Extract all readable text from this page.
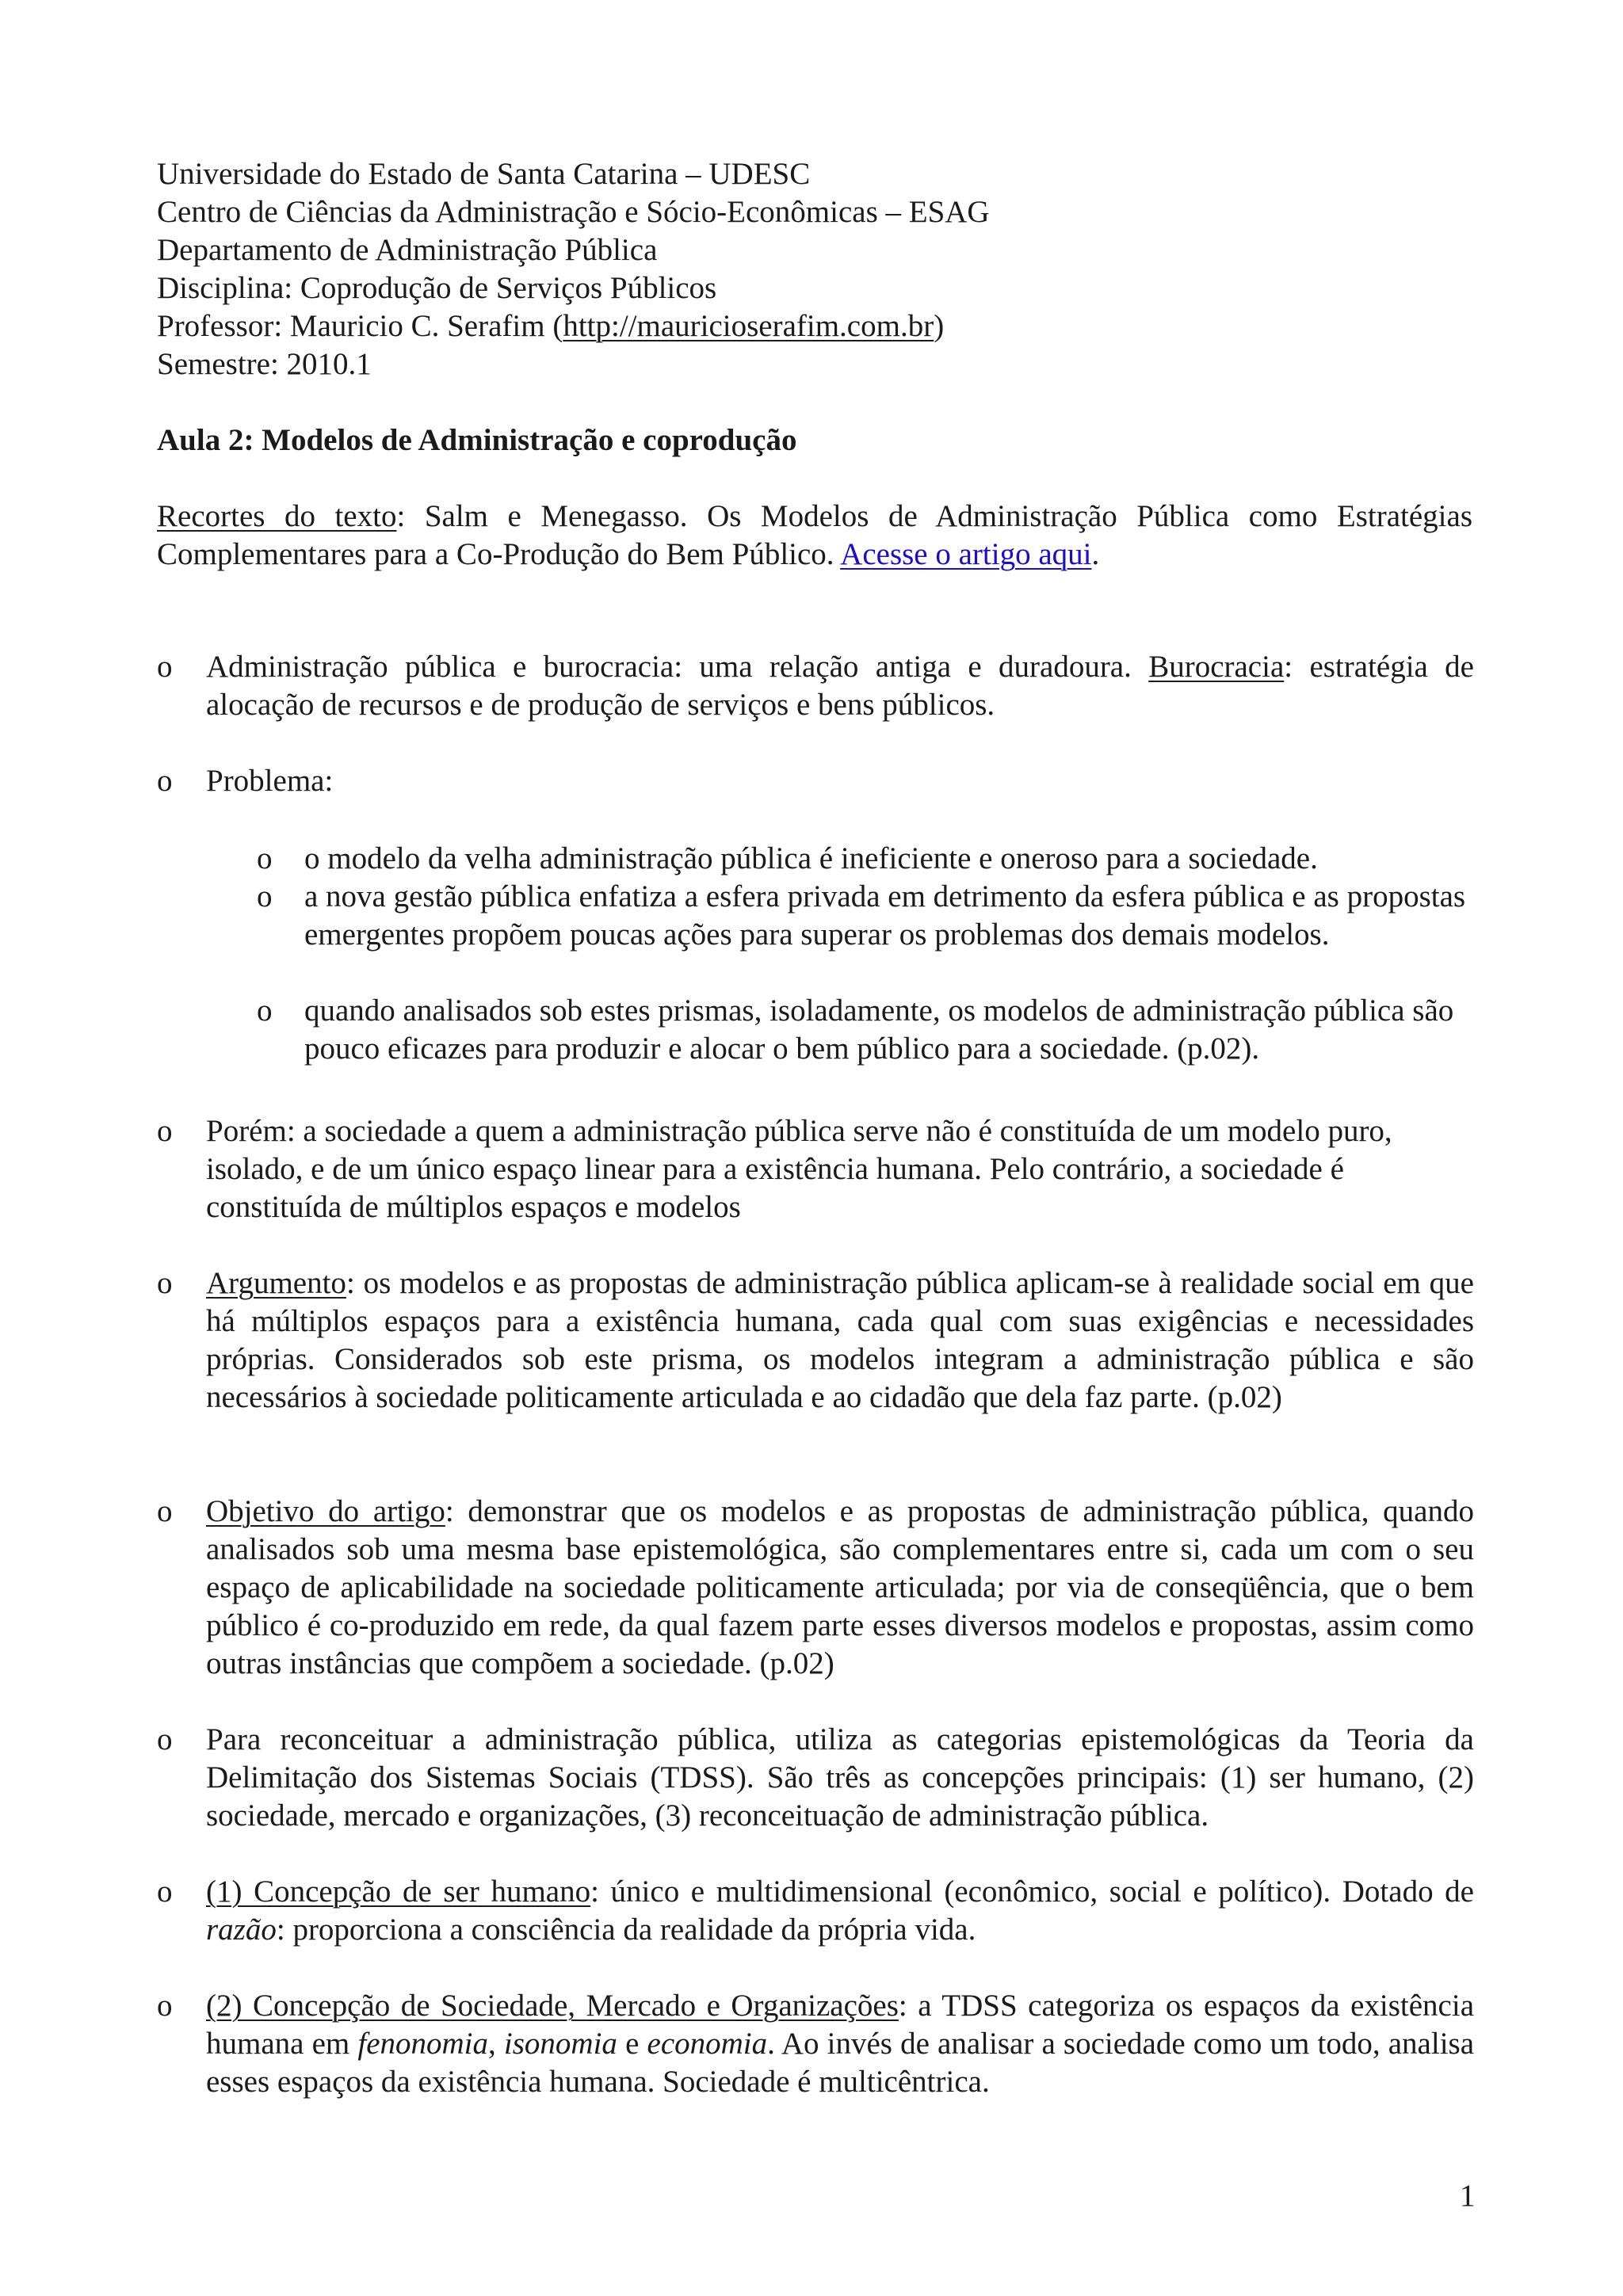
Universidade do Estado de Santa Catarina – UDESC
Centro de Ciências da Administração e Sócio-Econômicas – ESAG
Departamento de Administração Pública
Disciplina: Coprodução de Serviços Públicos
Professor: Mauricio C. Serafim (http://mauricioserafim.com.br)
Semestre: 2010.1
Aula 2: Modelos de Administração e coprodução
Recortes do texto: Salm e Menegasso. Os Modelos de Administração Pública como Estratégias Complementares para a Co-Produção do Bem Público. Acesse o artigo aqui.
o	Administração pública e burocracia: uma relação antiga e duradoura. Burocracia: estratégia de alocação de recursos e de produção de serviços e bens públicos.
o	Problema:
o	o modelo da velha administração pública é ineficiente e oneroso para a sociedade.
o	a nova gestão pública enfatiza a esfera privada em detrimento da esfera pública e as propostas emergentes propõem poucas ações para superar os problemas dos demais modelos.
o	quando analisados sob estes prismas, isoladamente, os modelos de administração pública são pouco eficazes para produzir e alocar o bem público para a sociedade. (p.02).
o	Porém: a sociedade a quem a administração pública serve não é constituída de um modelo puro, isolado, e de um único espaço linear para a existência humana. Pelo contrário, a sociedade é constituída de múltiplos espaços e modelos
o	Argumento: os modelos e as propostas de administração pública aplicam-se à realidade social em que há múltiplos espaços para a existência humana, cada qual com suas exigências e necessidades próprias. Considerados sob este prisma, os modelos integram a administração pública e são necessários à sociedade politicamente articulada e ao cidadão que dela faz parte. (p.02)
o	Objetivo do artigo: demonstrar que os modelos e as propostas de administração pública, quando analisados sob uma mesma base epistemológica, são complementares entre si, cada um com o seu espaço de aplicabilidade na sociedade politicamente articulada; por via de conseqüência, que o bem público é co-produzido em rede, da qual fazem parte esses diversos modelos e propostas, assim como outras instâncias que compõem a sociedade. (p.02)
o	Para reconceituar a administração pública, utiliza as categorias epistemológicas da Teoria da Delimitação dos Sistemas Sociais (TDSS). São três as concepções principais: (1) ser humano, (2) sociedade, mercado e organizações, (3) reconceituação de administração pública.
o	(1) Concepção de ser humano: único e multidimensional (econômico, social e político). Dotado de razão: proporciona a consciência da realidade da própria vida.
o	(2) Concepção de Sociedade, Mercado e Organizações: a TDSS categoriza os espaços da existência humana em fenonomia, isonomia e economia. Ao invés de analisar a sociedade como um todo, analisa esses espaços da existência humana. Sociedade é multicêntrica.
1
